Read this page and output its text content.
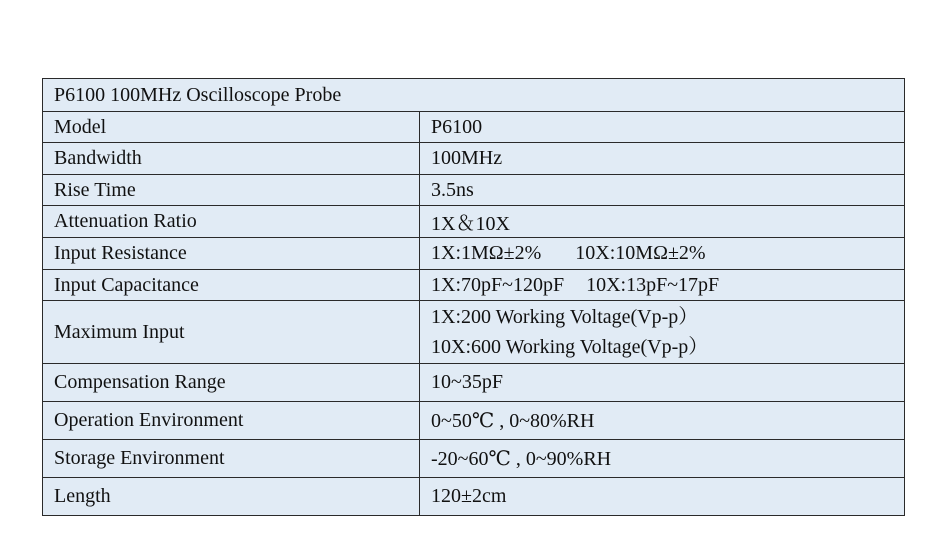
P6100 100MHz Oscilloscope Probe	
Model	P6100
Bandwidth	100MHz
Rise Time	3.5ns
Attenuation Ratio	1X＆10X
Input Resistance	1X:1MΩ±2% 10X:10MΩ±2%
Input Capacitance	1X:70pF~120pF 10X:13pF~17pF
Maximum Input	1X:200 Working Voltage(Vp-p）
10X:600 Working Voltage(Vp-p）

Compensation Range	10~35pF
Operation Environment	0~50℃ , 0~80%RH
Storage Environment	-20~60℃ , 0~90%RH
Length	120±2cm
